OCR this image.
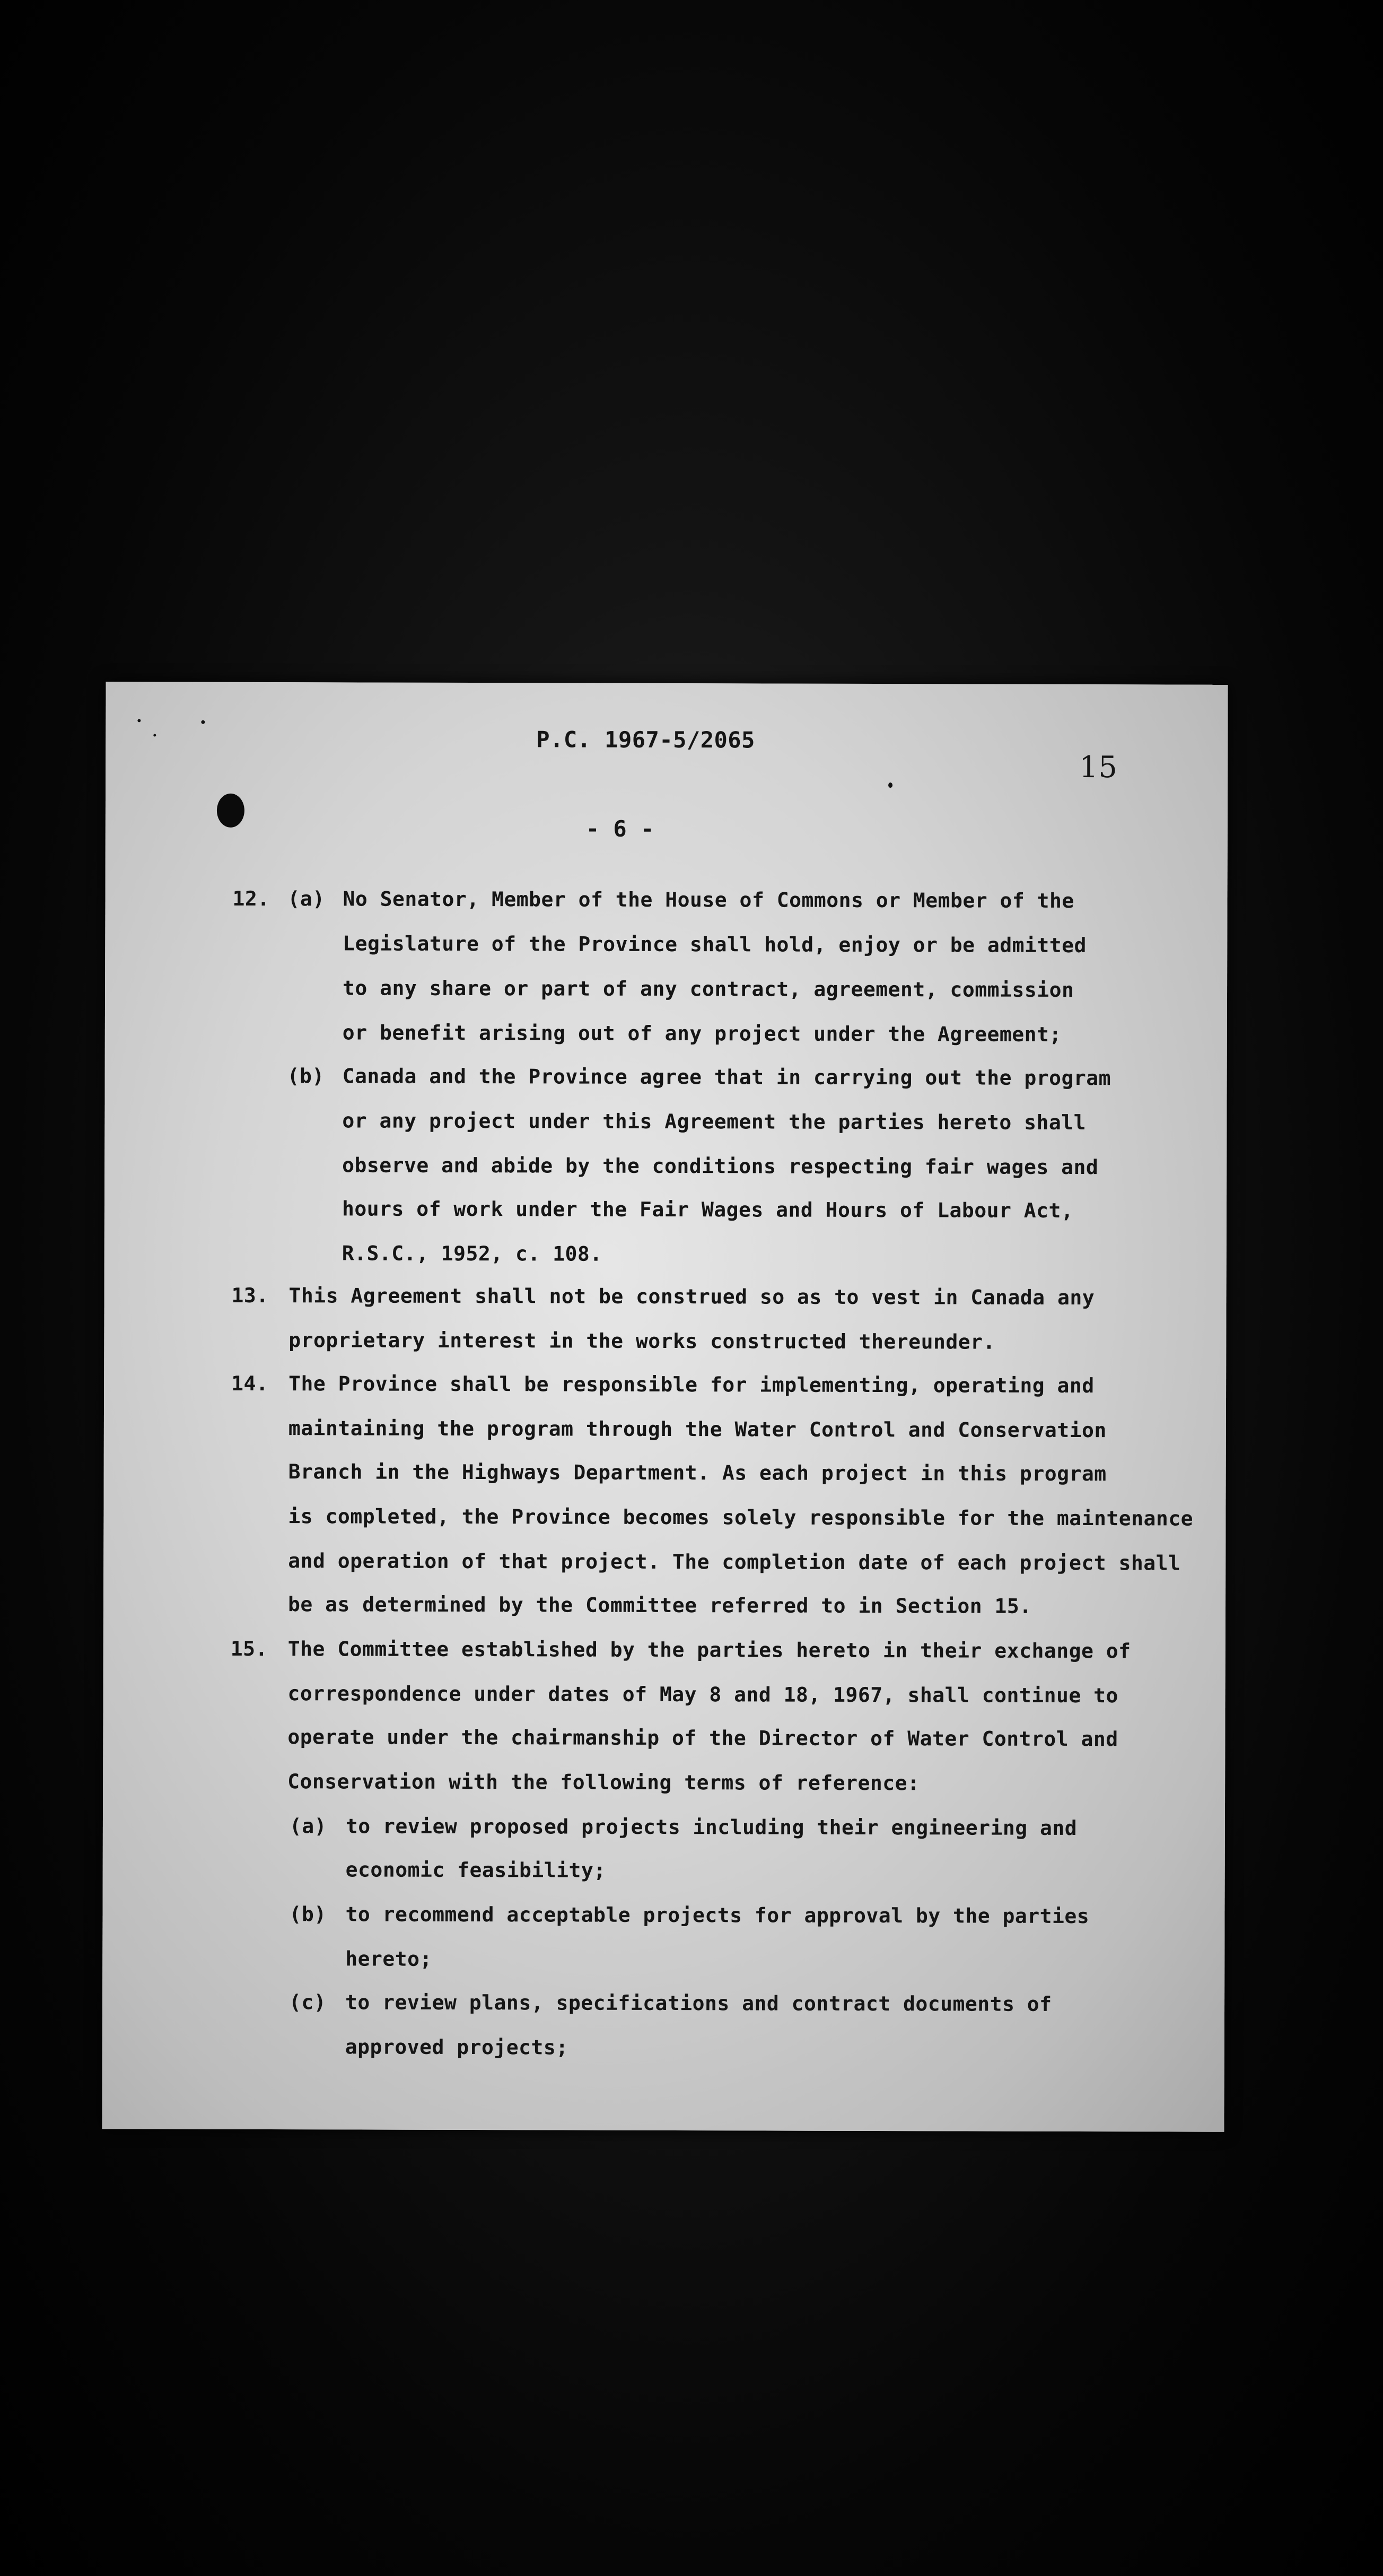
P.C. 1967-5/2065
15
- 6 -
12. (a) No Senator, Member of the House of Commons or Member of the
Legislature of the Province shall hold, enjoy or be admitted
to any share or part of any contract, agreement, commission
or benefit arising out of any project under the Agreement;
(b) Canada and the Province agree that in carrying out the program
or any project under this Agreement the parties hereto shall
observe and abide by the conditions respecting fair wages and
hours of work under the Fair Wages and Hours of Labour Act,
R.S.C., 1952, c. 108.
13. This Agreement shall not be construed so as to vest in Canada any
proprietary interest in the works constructed thereunder.
14. The Province shall be responsible for implementing, operating and
maintaining the program through the Water Control and Conservation
Branch in the Highways Department. As each project in this program
is completed, the Province becomes solely responsible for the maintenance
and operation of that project. The completion date of each project shall
be as determined by the Committee referred to in Section 15.
15. The Committee established by the parties hereto in their exchange of
correspondence under dates of May 8 and 18, 1967, shall continue to
operate under the chairmanship of the Director of Water Control and
Conservation with the following terms of reference:
(a) to review proposed projects including their engineering and
economic feasibility;
(b) to recommend acceptable projects for approval by the parties
hereto;
(c) to review plans, specifications and contract documents of
approved projects;
